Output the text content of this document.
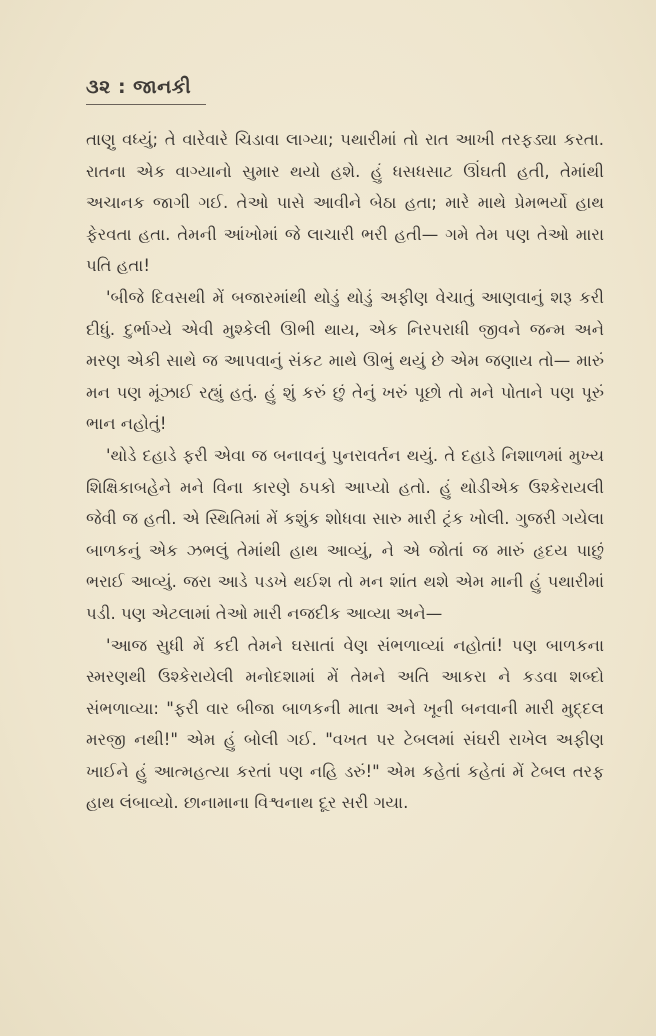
૩૨ : જાનકી

તાણુ વધ્યું; તે વારેવારે ચિડાવા લાગ્યા; પથારીમાં તો રાત આખી તરફડ્યા કરતા. રાતના એક વાગ્યાનો સુમાર થયો હશે. હું ધસધસાટ ઊંઘતી હતી, તેમાંથી અચાનક જાગી ગઈ. તેઓ પાસે આવીને બેઠા હતા; મારે માથે પ્રેમભર્યો હાથ ફેરવતા હતા. તેમની આંખોમાં જે લાચારી ભરી હતી— ગમે તેમ પણ તેઓ મારા પતિ હતા!

'બીજે દિવસથી મેં બજારમાંથી થોડું થોડું અફીણ વેચાતું આણવાનું શરૂ કરી દીધું. દુર્ભાગ્યે એવી મુશ્કેલી ઊભી થાય, એક નિરપરાધી જીવને જન્મ અને મરણ એકી સાથે જ આપવાનું સંકટ માથે ઊભું થયું છે એમ જણાય તો— મારું મન પણ મૂંઝાઈ રહ્યું હતું. હું શું કરું છું તેનું ખરું પૂછો તો મને પોતાને પણ પૂરું ભાન નહોતું!

'થોડે દહાડે ફરી એવા જ બનાવનું પુનરાવર્તન થયું. તે દહાડે નિશાળમાં મુખ્ય શિક્ષિકાબહેને મને વિના કારણે ઠપકો આપ્યો હતો. હું થોડીએક ઉશ્કેરાયલી જેવી જ હતી. એ સ્થિતિમાં મેં કશુંક શોધવા સારુ મારી ટ્રંક ખોલી. ગુજરી ગયેલા બાળકનું એક ઝભલું તેમાંથી હાથ આવ્યું, ને એ જોતાં જ મારું હૃદય પાછું ભરાઈ આવ્યું. જરા આડે પડખે થઈશ તો મન શાંત થશે એમ માની હું પથારીમાં પડી. પણ એટલામાં તેઓ મારી નજદીક આવ્યા અને—

'આજ સુધી મેં કદી તેમને ઘસાતાં વેણ સંભળાવ્યાં નહોતાં! પણ બાળકના સ્મરણથી ઉશ્કેરાયેલી મનોદશામાં મેં તેમને અતિ આકરા ને કડવા શબ્દો સંભળાવ્યા: "ફરી વાર બીજા બાળકની માતા અને ખૂની બનવાની મારી મુદ્દલ મરજી નથી!" એમ હું બોલી ગઈ. "વખત પર ટેબલમાં સંઘરી રાખેલ અફીણ ખાઈને હું આત્મહત્યા કરતાં પણ નહિ ડરું!" એમ કહેતાં કહેતાં મેં ટેબલ તરફ હાથ લંબાવ્યો. છાનામાના વિશ્વનાથ દૂર સરી ગયા.
